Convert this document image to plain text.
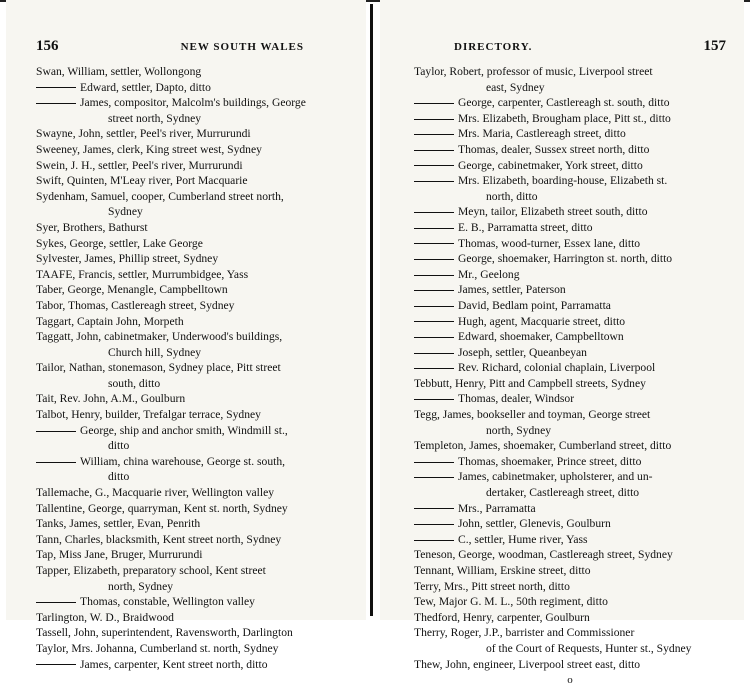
156	NEW SOUTH WALES
Swan, William, settler, Wollongong
Edward, settler, Dapto, ditto
James, compositor, Malcolm's buildings, George
street north, Sydney
Swayne, John, settler, Peel's river, Murrurundi
Sweeney, James, clerk, King street west, Sydney
Swein, J. H., settler, Peel's river, Murrurundi
Swift, Quinten, M'Leay river, Port Macquarie
Sydenham, Samuel, cooper, Cumberland street north,
Sydney
Syer, Brothers, Bathurst
Sykes, George, settler, Lake George
Sylvester, James, Phillip street, Sydney
TAAFE, Francis, settler, Murrumbidgee, Yass
Taber, George, Menangle, Campbelltown
Tabor, Thomas, Castlereagh street, Sydney
Taggart, Captain John, Morpeth
Taggatt, John, cabinetmaker, Underwood's buildings,
Church hill, Sydney
Tailor, Nathan, stonemason, Sydney place, Pitt street
south, ditto
Tait, Rev. John, A.M., Goulburn
Talbot, Henry, builder, Trefalgar terrace, Sydney
George, ship and anchor smith, Windmill st.,
ditto
William, china warehouse, George st. south,
ditto
Tallemache, G., Macquarie river, Wellington valley
Tallentine, George, quarryman, Kent st. north, Sydney
Tanks, James, settler, Evan, Penrith
Tann, Charles, blacksmith, Kent street north, Sydney
Tap, Miss Jane, Bruger, Murrurundi
Tapper, Elizabeth, preparatory school, Kent street
north, Sydney
Thomas, constable, Wellington valley
Tarlington, W. D., Braidwood
Tassell, John, superintendent, Ravensworth, Darlington
Taylor, Mrs. Johanna, Cumberland st. north, Sydney
James, carpenter, Kent street north, ditto
DIRECTORY.	157
Taylor, Robert, professor of music, Liverpool street
east, Sydney
George, carpenter, Castlereagh st. south, ditto
Mrs. Elizabeth, Brougham place, Pitt st., ditto
Mrs. Maria, Castlereagh street, ditto
Thomas, dealer, Sussex street north, ditto
George, cabinetmaker, York street, ditto
Mrs. Elizabeth, boarding-house, Elizabeth st.
north, ditto
Meyn, tailor, Elizabeth street south, ditto
E. B., Parramatta street, ditto
Thomas, wood-turner, Essex lane, ditto
George, shoemaker, Harrington st. north, ditto
Mr., Geelong
James, settler, Paterson
David, Bedlam point, Parramatta
Hugh, agent, Macquarie street, ditto
Edward, shoemaker, Campbelltown
Joseph, settler, Queanbeyan
Rev. Richard, colonial chaplain, Liverpool
Tebbutt, Henry, Pitt and Campbell streets, Sydney
Thomas, dealer, Windsor
Tegg, James, bookseller and toyman, George street
north, Sydney
Templeton, James, shoemaker, Cumberland street, ditto
Thomas, shoemaker, Prince street, ditto
James, cabinetmaker, upholsterer, and un-
dertaker, Castlereagh street, ditto
Mrs., Parramatta
John, settler, Glenevis, Goulburn
C., settler, Hume river, Yass
Teneson, George, woodman, Castlereagh street, Sydney
Tennant, William, Erskine street, ditto
Terry, Mrs., Pitt street north, ditto
Tew, Major G. M. L., 50th regiment, ditto
Thedford, Henry, carpenter, Goulburn
Therry, Roger, J.P., barrister and Commissioner
of the Court of Requests, Hunter st., Sydney
Thew, John, engineer, Liverpool street east, ditto
o
